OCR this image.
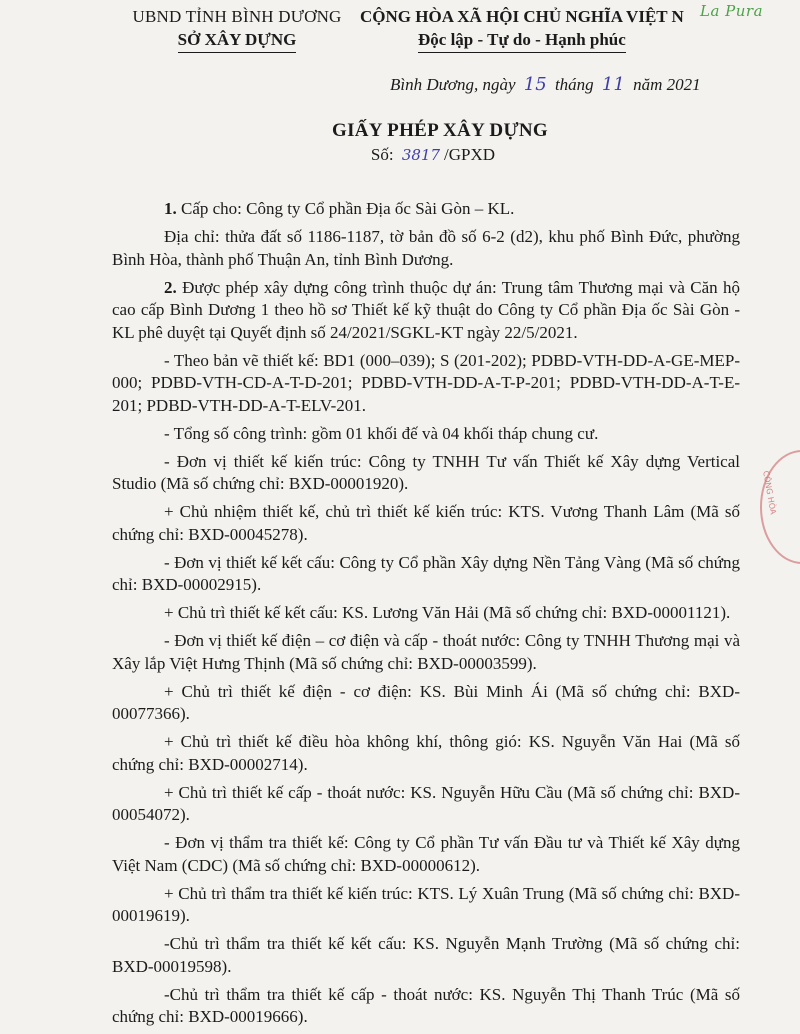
UBND TỈNH BÌNH DƯƠNG
SỞ XÂY DỰNG
CỘNG HÒA XÃ HỘI CHỦ NGHĨA VIỆT N
Độc lập - Tự do - Hạnh phúc
La Pura
Bình Dương, ngày 15 tháng 11 năm 2021
GIẤY PHÉP XÂY DỰNG
Số: 3817 /GPXD
CÔNG HÒA

1. Cấp cho: Công ty Cổ phần Địa ốc Sài Gòn – KL.

Địa chỉ: thửa đất số 1186-1187, tờ bản đồ số 6-2 (d2), khu phố Bình Đức, phường Bình Hòa, thành phố Thuận An, tỉnh Bình Dương.

2. Được phép xây dựng công trình thuộc dự án: Trung tâm Thương mại và Căn hộ cao cấp Bình Dương 1 theo hồ sơ Thiết kế kỹ thuật do Công ty Cổ phần Địa ốc Sài Gòn - KL phê duyệt tại Quyết định số 24/2021/SGKL-KT ngày 22/5/2021.

- Theo bản vẽ thiết kế: BD1 (000–039); S (201-202); PDBD-VTH-DD-A-GE-MEP-000; PDBD-VTH-CD-A-T-D-201; PDBD-VTH-DD-A-T-P-201; PDBD-VTH-DD-A-T-E-201; PDBD-VTH-DD-A-T-ELV-201.

- Tổng số công trình: gồm 01 khối đế và 04 khối tháp chung cư.

- Đơn vị thiết kế kiến trúc: Công ty TNHH Tư vấn Thiết kế Xây dựng Vertical Studio (Mã số chứng chỉ: BXD-00001920).

+ Chủ nhiệm thiết kế, chủ trì thiết kế kiến trúc: KTS. Vương Thanh Lâm (Mã số chứng chỉ: BXD-00045278).

- Đơn vị thiết kế kết cấu: Công ty Cổ phần Xây dựng Nền Tảng Vàng (Mã số chứng chỉ: BXD-00002915).

+ Chủ trì thiết kế kết cấu: KS. Lương Văn Hải (Mã số chứng chỉ: BXD-00001121).

- Đơn vị thiết kế điện – cơ điện và cấp - thoát nước: Công ty TNHH Thương mại và Xây lắp Việt Hưng Thịnh (Mã số chứng chỉ: BXD-00003599).

+ Chủ trì thiết kế điện - cơ điện: KS. Bùi Minh Ái (Mã số chứng chỉ: BXD-00077366).

+ Chủ trì thiết kế điều hòa không khí, thông gió: KS. Nguyễn Văn Hai (Mã số chứng chỉ: BXD-00002714).

+ Chủ trì thiết kế cấp - thoát nước: KS. Nguyễn Hữu Cầu (Mã số chứng chỉ: BXD-00054072).

- Đơn vị thẩm tra thiết kế: Công ty Cổ phần Tư vấn Đầu tư và Thiết kế Xây dựng Việt Nam (CDC) (Mã số chứng chỉ: BXD-00000612).

+ Chủ trì thẩm tra thiết kế kiến trúc: KTS. Lý Xuân Trung (Mã số chứng chỉ: BXD-00019619).

-Chủ trì thẩm tra thiết kế kết cấu: KS. Nguyễn Mạnh Trường (Mã số chứng chỉ: BXD-00019598).

-Chủ trì thẩm tra thiết kế cấp - thoát nước: KS. Nguyễn Thị Thanh Trúc (Mã số chứng chỉ: BXD-00019666).
